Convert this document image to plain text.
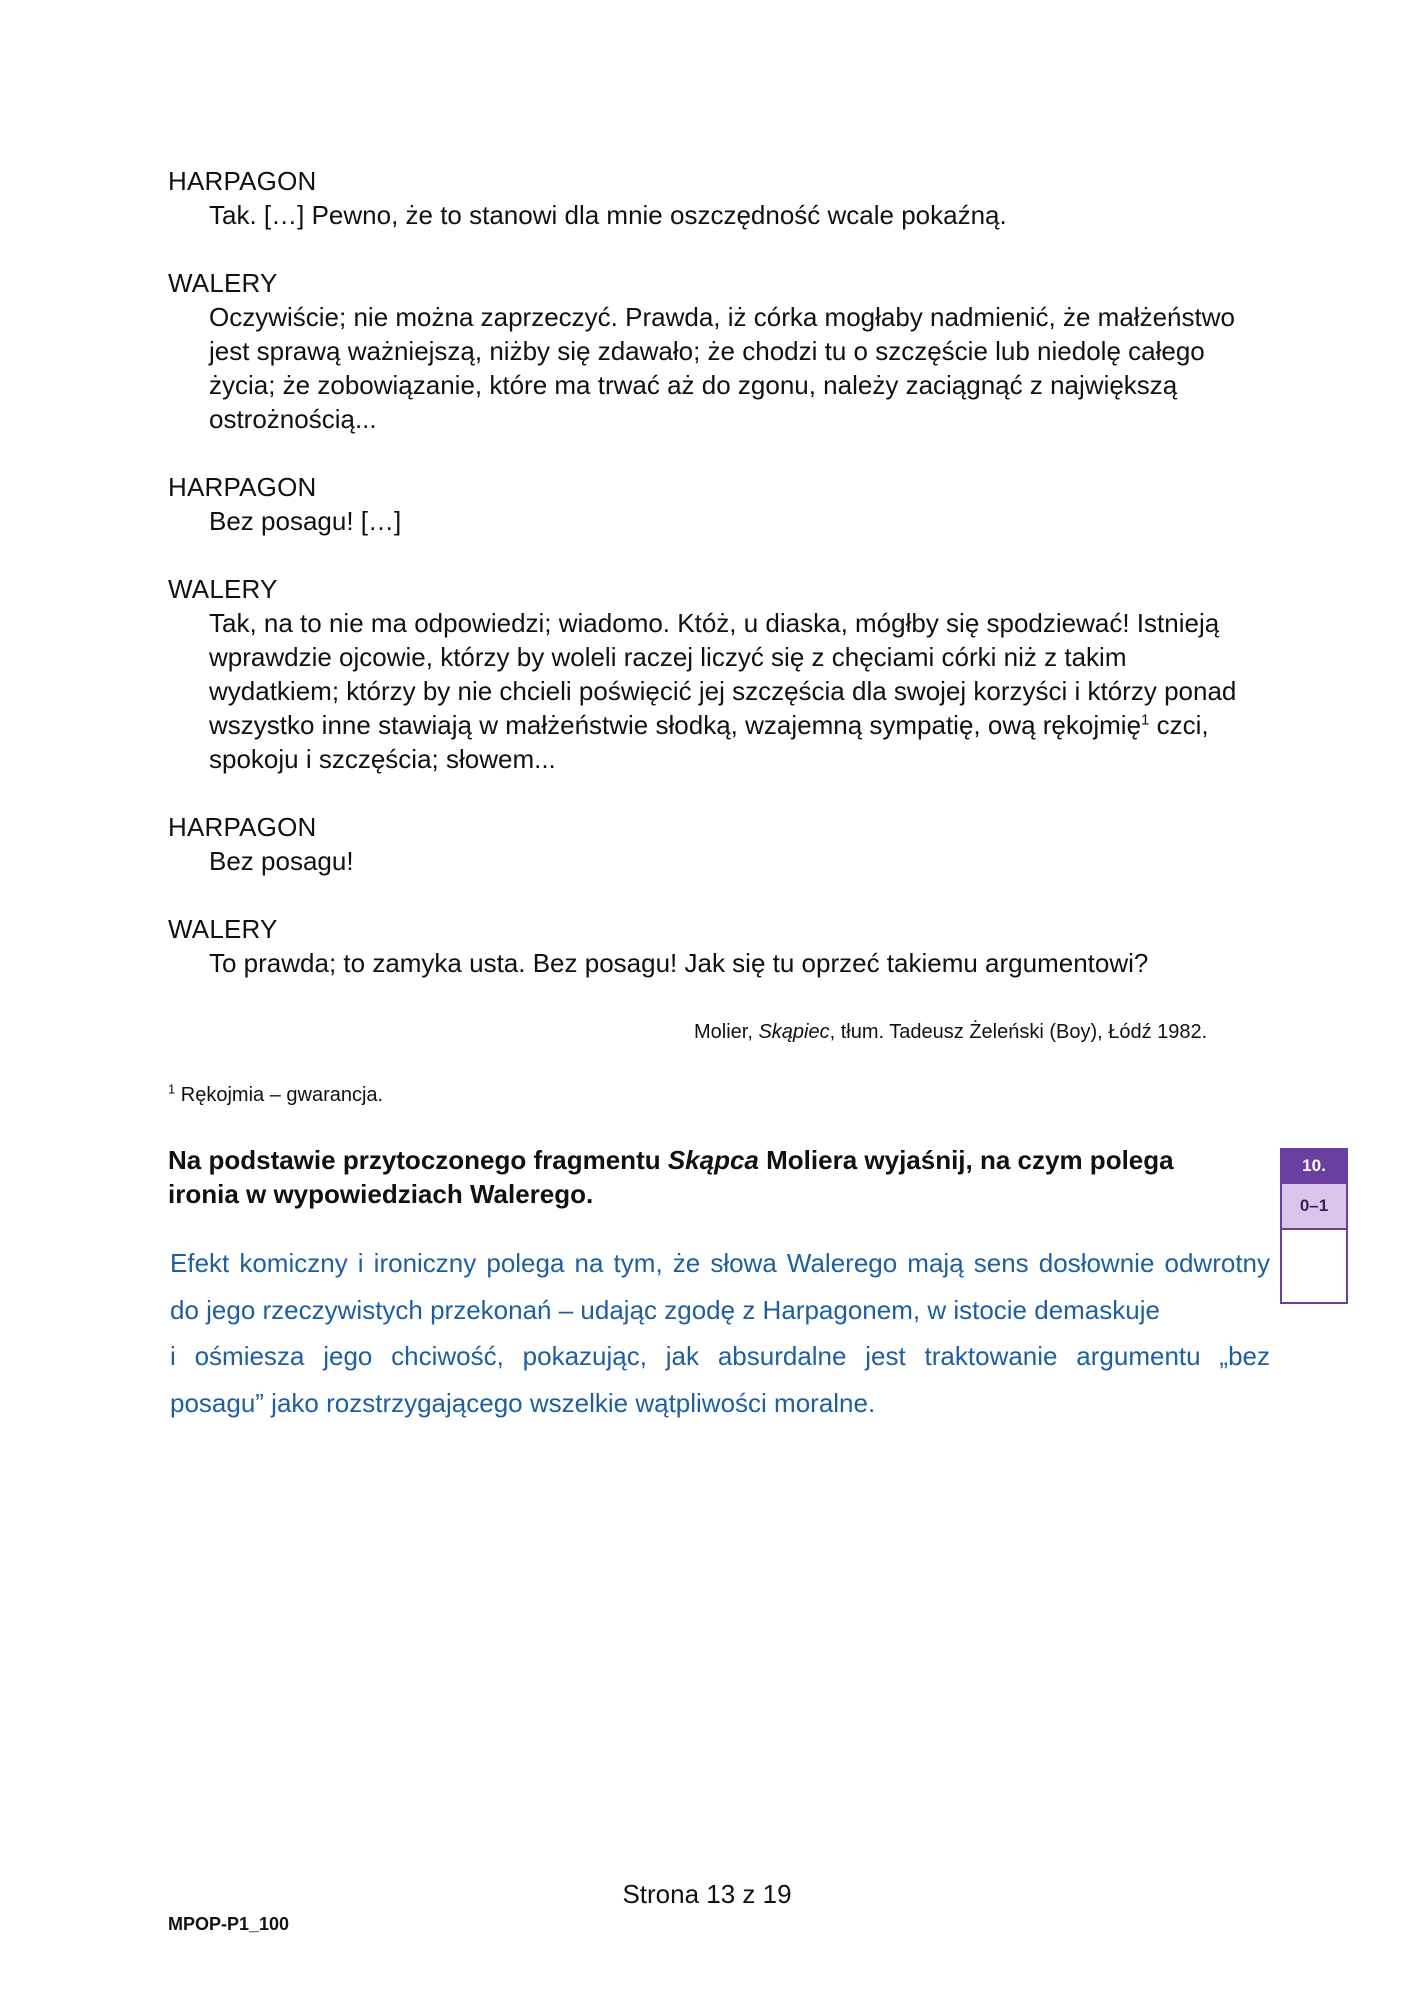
HARPAGON
Tak. […] Pewno, że to stanowi dla mnie oszczędność wcale pokaźną.
WALERY
Oczywiście; nie można zaprzeczyć. Prawda, iż córka mogłaby nadmienić, że małżeństwo
jest sprawą ważniejszą, niżby się zdawało; że chodzi tu o szczęście lub niedolę całego
życia; że zobowiązanie, które ma trwać aż do zgonu, należy zaciągnąć z największą
ostrożnością...
HARPAGON
Bez posagu! […]
WALERY
Tak, na to nie ma odpowiedzi; wiadomo. Któż, u diaska, mógłby się spodziewać! Istnieją
wprawdzie ojcowie, którzy by woleli raczej liczyć się z chęciami córki niż z takim
wydatkiem; którzy by nie chcieli poświęcić jej szczęścia dla swojej korzyści i którzy ponad
wszystko inne stawiają w małżeństwie słodką, wzajemną sympatię, ową rękojmię$^1$ czci,
spokoju i szczęścia; słowem...
HARPAGON
Bez posagu!
WALERY
To prawda; to zamyka usta. Bez posagu! Jak się tu oprzeć takiemu argumentowi?
Molier, Skąpiec, tłum. Tadeusz Żeleński (Boy), Łódź 1982.
$^1$ Rękojmia – gwarancja.
Na podstawie przytoczonego fragmentu Skąpca Moliera wyjaśnij, na czym polega
ironia w wypowiedziach Walerego.
10.
0–1
Efekt komiczny i ironiczny polega na tym, że słowa Walerego mają sens dosłownie odwrotny
do jego rzeczywistych przekonań – udając zgodę z Harpagonem, w istocie demaskuje
i ośmiesza jego chciwość, pokazując, jak absurdalne jest traktowanie argumentu „bez
posagu” jako rozstrzygającego wszelkie wątpliwości moralne.
Strona 13 z 19
MPOP-P1_100
